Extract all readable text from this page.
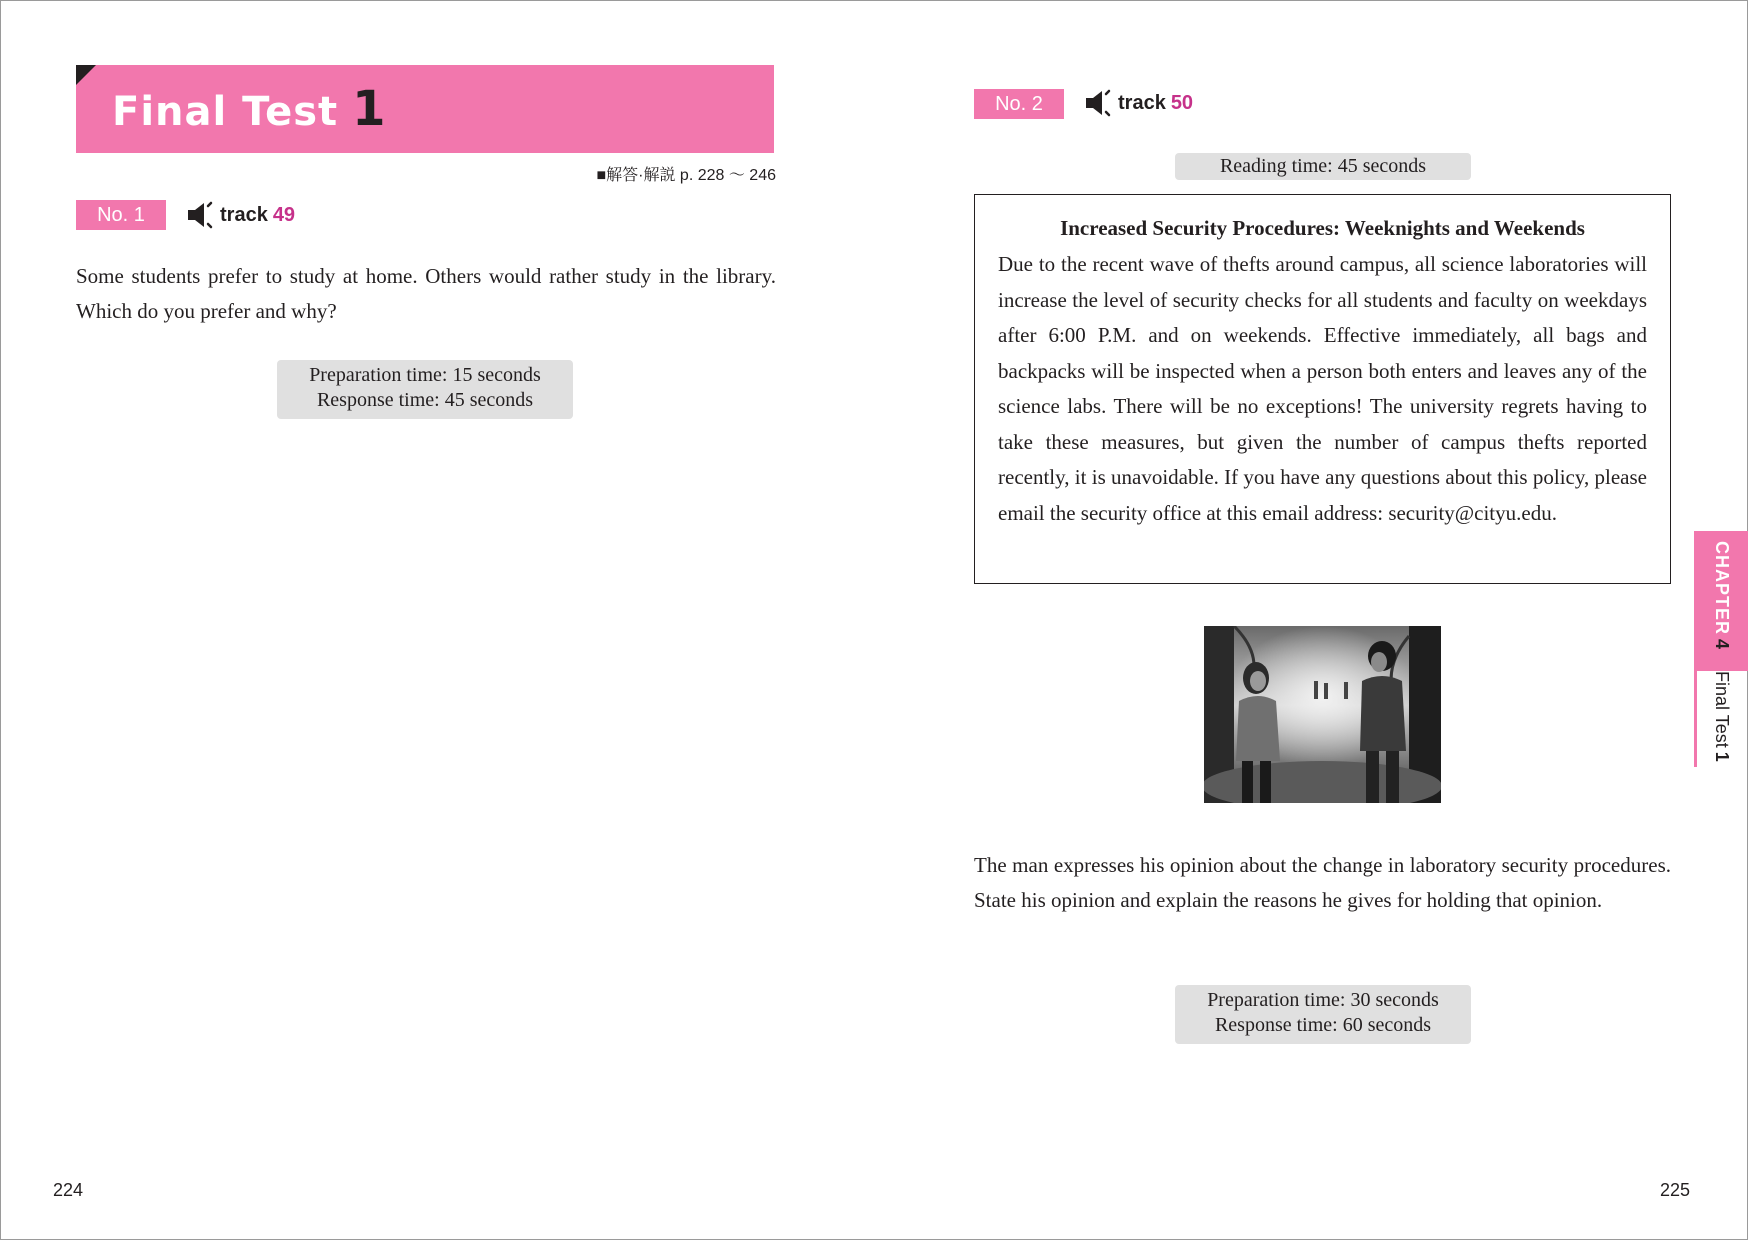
Final Test 1
■解答·解説 p. 228 〜 246
No. 1	track 49
Some students prefer to study at home. Others would rather study in the library. Which do you prefer and why?
Preparation time: 15 seconds
Response time: 45 seconds
224
No. 2	track 50
Reading time: 45 seconds
Increased Security Procedures: Weeknights and Weekends
Due to the recent wave of thefts around campus, all science laboratories will increase the level of security checks for all students and faculty on weekdays after 6:00 P.M. and on weekends. Effective immediately, all bags and backpacks will be inspected when a person both enters and leaves any of the science labs. There will be no exceptions! The university regrets having to take these measures, but given the number of campus thefts reported recently, it is unavoidable. If you have any questions about this policy, please email the security office at this email address: security@cityu.edu.
The man expresses his opinion about the change in laboratory security procedures. State his opinion and explain the reasons he gives for holding that opinion.
Preparation time: 30 seconds
Response time: 60 seconds
CHAPTER4Final Test1
225
